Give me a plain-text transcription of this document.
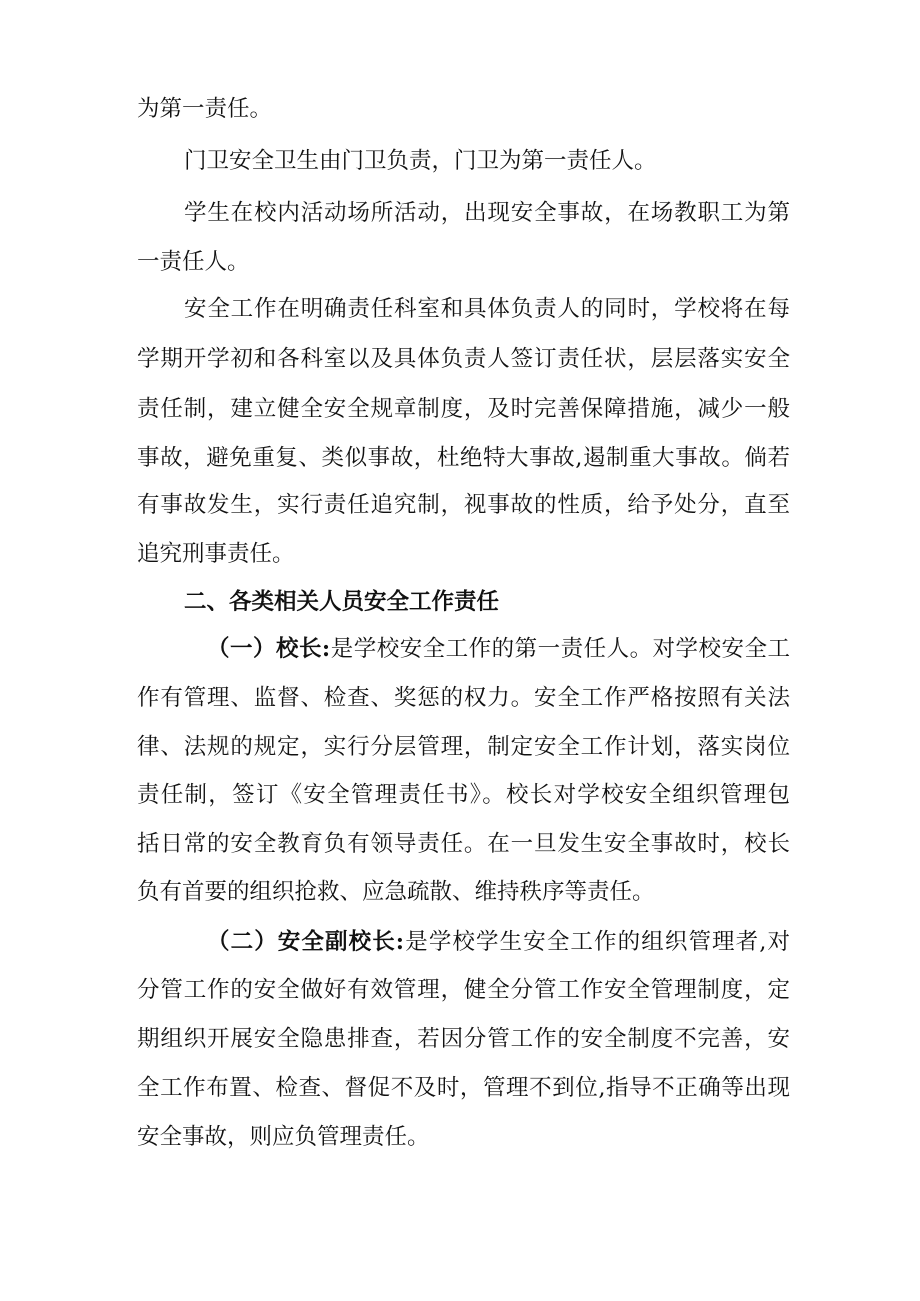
为第一责任。
门卫安全卫生由门卫负责，门卫为第一责任人。
学生在校内活动场所活动，出现安全事故，在场教职工为第
一责任人。
安全工作在明确责任科室和具体负责人的同时，学校将在每
学期开学初和各科室以及具体负责人签订责任状，层层落实安全
责任制，建立健全安全规章制度，及时完善保障措施，减少一般
事故，避免重复、类似事故，杜绝特大事故,遏制重大事故。倘若
有事故发生，实行责任追究制，视事故的性质，给予处分，直至
追究刑事责任。
二、各类相关人员安全工作责任
（一）校长:是学校安全工作的第一责任人。对学校安全工
作有管理、监督、检查、奖惩的权力。安全工作严格按照有关法
律、法规的规定，实行分层管理，制定安全工作计划，落实岗位
责任制，签订《安全管理责任书》。校长对学校安全组织管理包
括日常的安全教育负有领导责任。在一旦发生安全事故时，校长
负有首要的组织抢救、应急疏散、维持秩序等责任。
（二）安全副校长:是学校学生安全工作的组织管理者,对
分管工作的安全做好有效管理，健全分管工作安全管理制度，定
期组织开展安全隐患排查，若因分管工作的安全制度不完善，安
全工作布置、检查、督促不及时，管理不到位,指导不正确等出现
安全事故，则应负管理责任。
